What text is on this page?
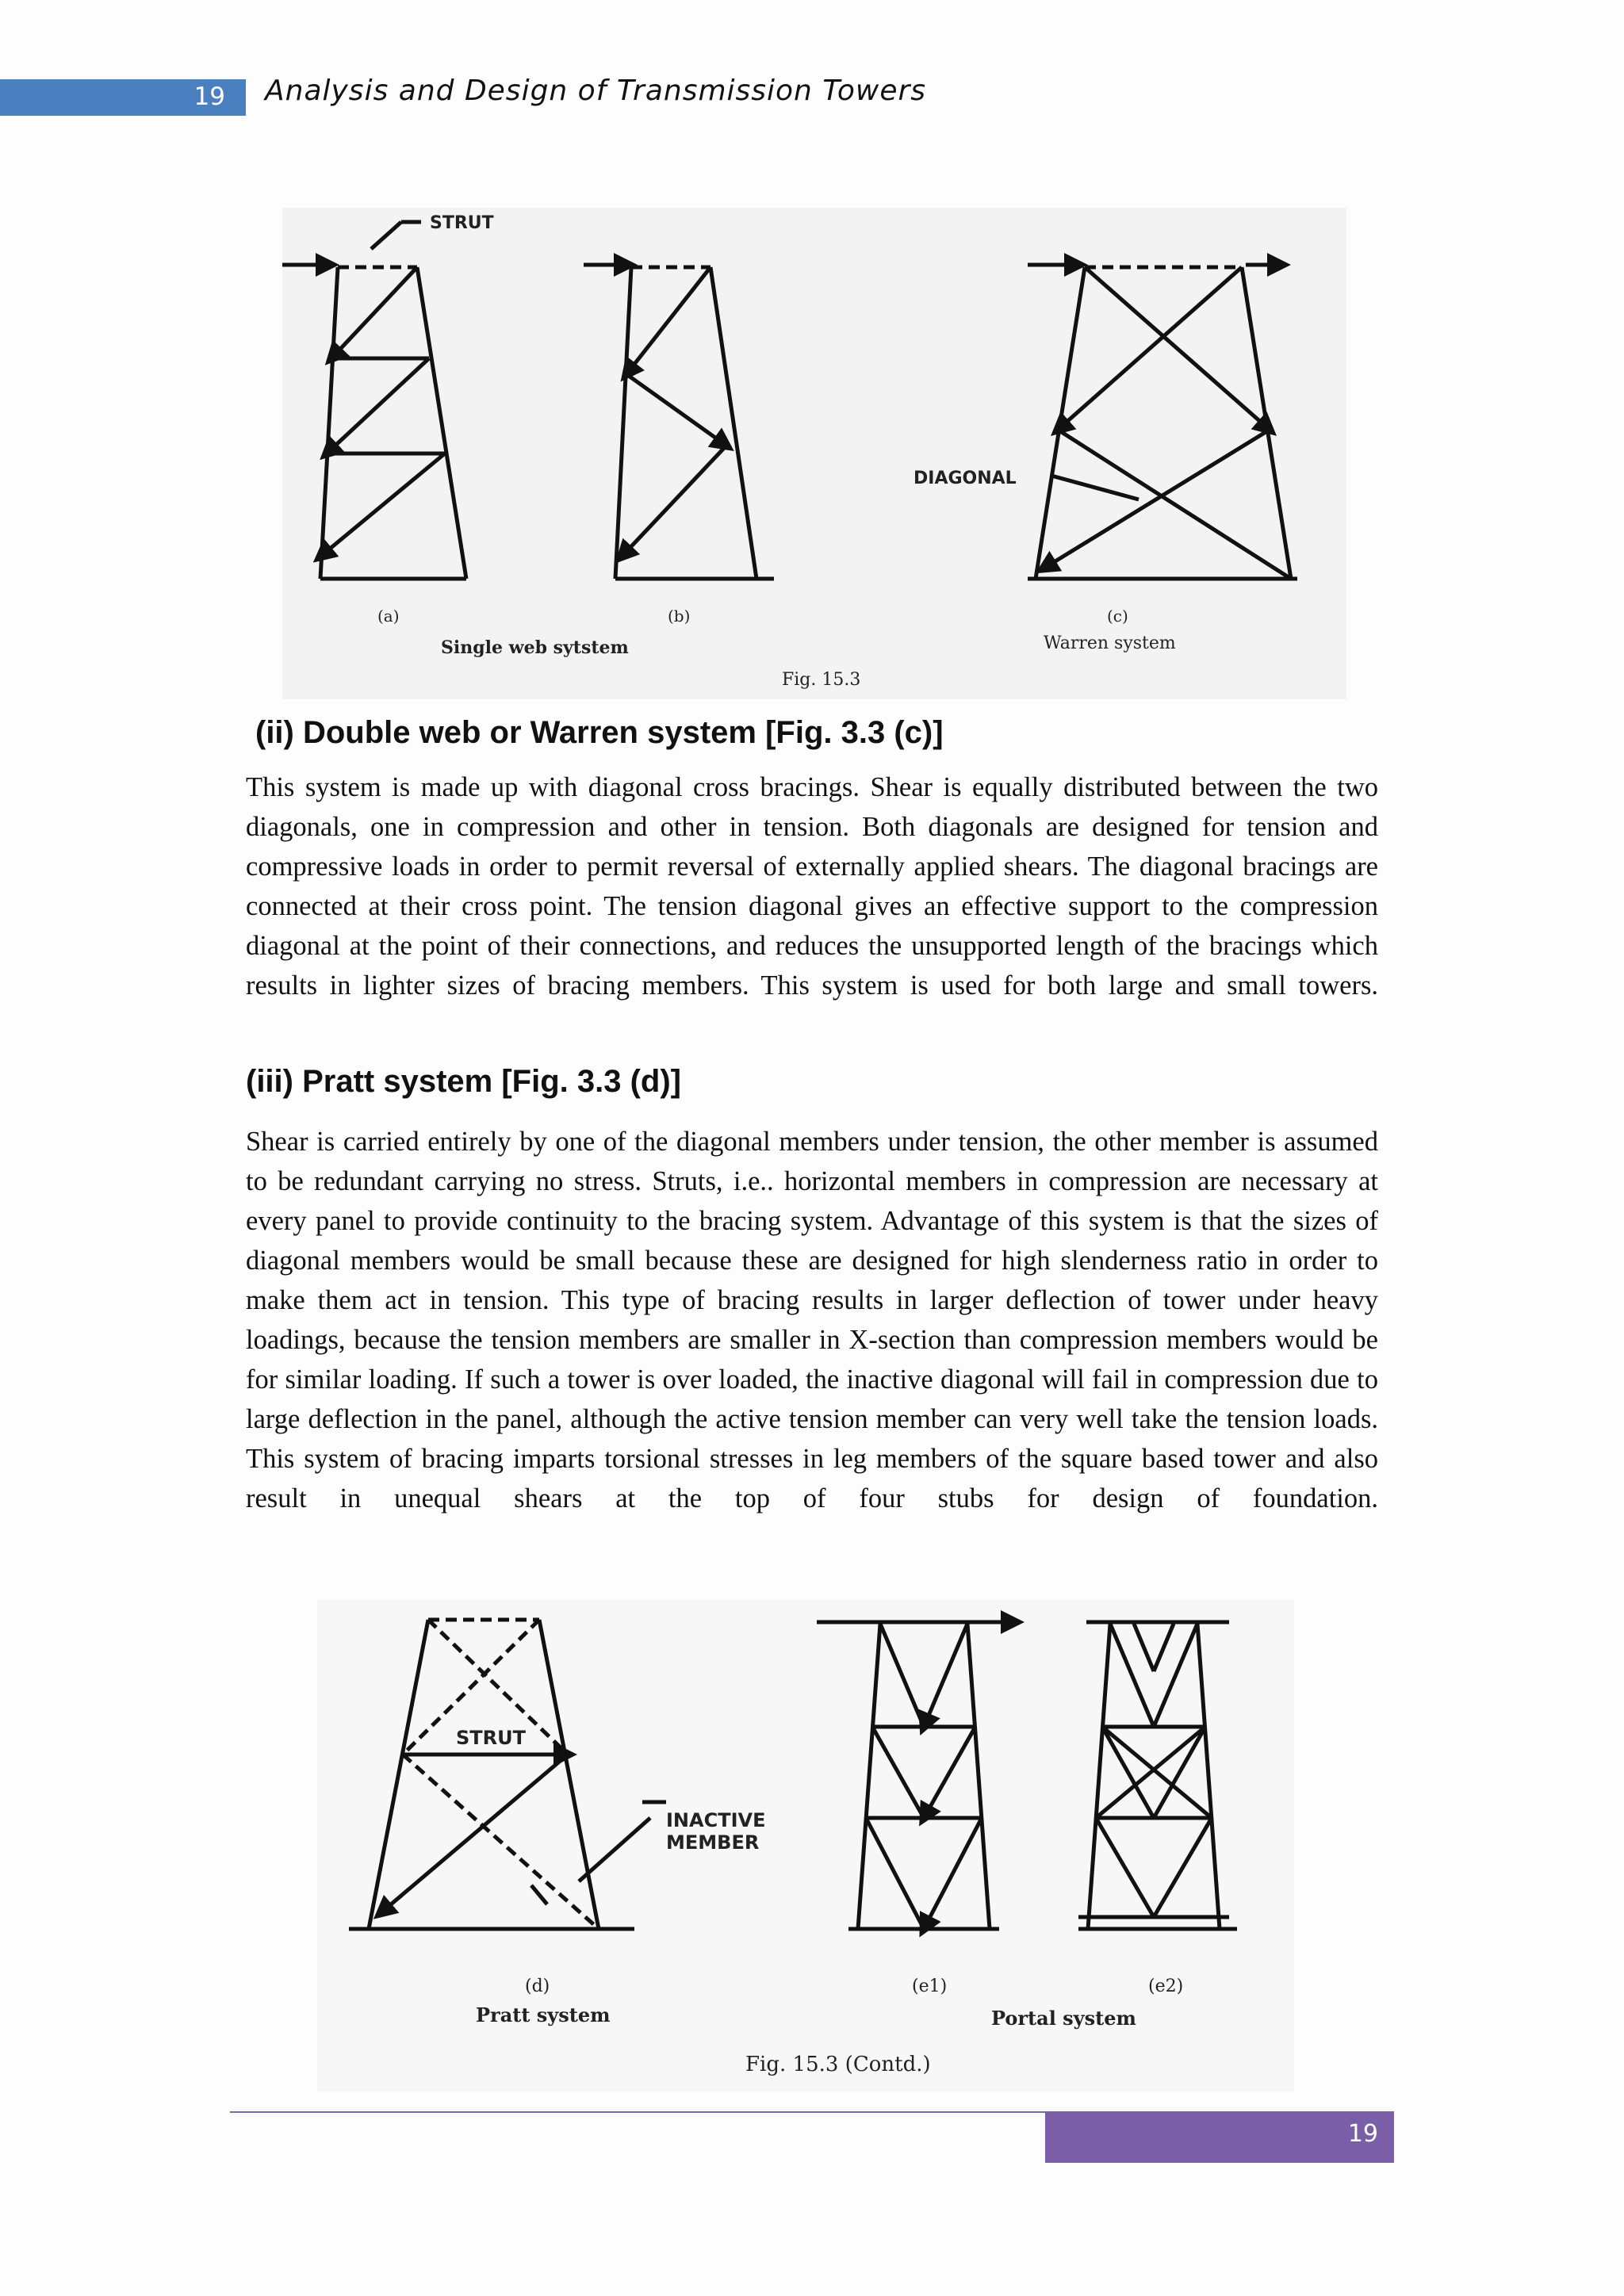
19 Analysis and Design of Transmission Towers
STRUT
DIAGONAL
(a)	(b)	(c)
Single web sytstem	Warren system
Fig. 15.3
(ii) Double web or Warren system [Fig. 3.3 (c)]

This system is made up with diagonal cross bracings. Shear is equally distributed between the two diagonals, one in compression and other in tension. Both diagonals are designed for tension and compressive loads in order to permit reversal of externally applied shears. The diagonal bracings are connected at their cross point. The tension diagonal gives an effective support to the compression diagonal at the point of their connections, and reduces the unsupported length of the bracings which results in lighter sizes of bracing members. This system is used for both large and small towers.

(iii) Pratt system [Fig. 3.3 (d)]

Shear is carried entirely by one of the diagonal members under tension, the other member is assumed to be redundant carrying no stress. Struts, i.e.. horizontal members in compression are necessary at every panel to provide continuity to the bracing system. Advantage of this system is that the sizes of diagonal members would be small because these are designed for high slenderness ratio in order to make them act in tension. This type of bracing results in larger deflection of tower under heavy loadings, because the tension members are smaller in X-section than compression members would be for similar loading. If such a tower is over loaded, the inactive diagonal will fail in compression due to large deflection in the panel, although the active tension member can very well take the tension loads. This system of bracing imparts torsional stresses in leg members of the square based tower and also result in unequal shears at the top of four stubs for design of foundation.

STRUT
INACTIVE
MEMBER
(d)	(e1)	(e2)
Pratt system	Portal system
Fig. 15.3 (Contd.)
19
